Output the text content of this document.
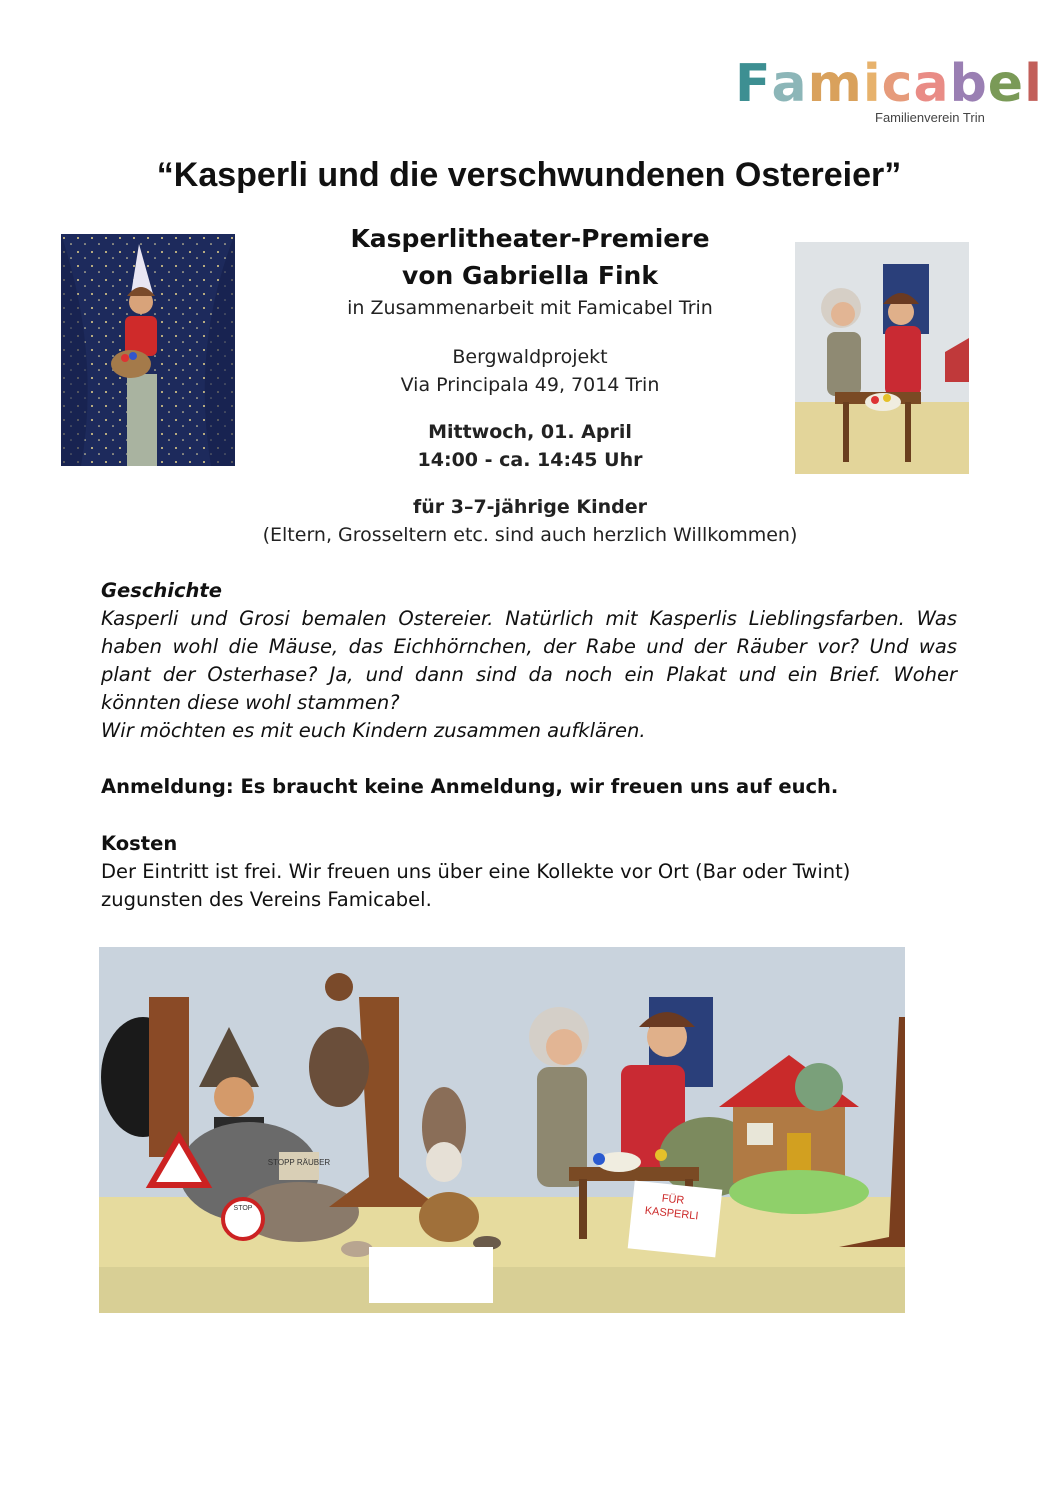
F a m i c a b e l
Familienverein Trin
“Kasperli und die verschwundenen Ostereier”
Kasperlitheater-Premiere
von Gabriella Fink
in Zusammenarbeit mit Famicabel Trin
Bergwaldprojekt
Via Principala 49, 7014 Trin
Mittwoch, 01. April
14:00 - ca. 14:45 Uhr
für 3–7-jährige Kinder
(Eltern, Grosseltern etc. sind auch herzlich Willkommen)
Geschichte
Kasperli und Grosi bemalen Ostereier. Natürlich mit Kasperlis Lieblingsfarben. Was haben wohl die Mäuse, das Eichhörnchen, der Rabe und der Räuber vor? Und was plant der Osterhase? Ja, und dann sind da noch ein Plakat und ein Brief. Woher könnten diese wohl stammen?
Wir möchten es mit euch Kindern zusammen aufklären.
Anmeldung: Es braucht keine Anmeldung, wir freuen uns auf euch.
Kosten
Der Eintritt ist frei. Wir freuen uns über eine Kollekte vor Ort (Bar oder Twint) zugunsten des Vereins Famicabel.
STOP
STOPP RÄUBER
FÜR
KASPERLI
